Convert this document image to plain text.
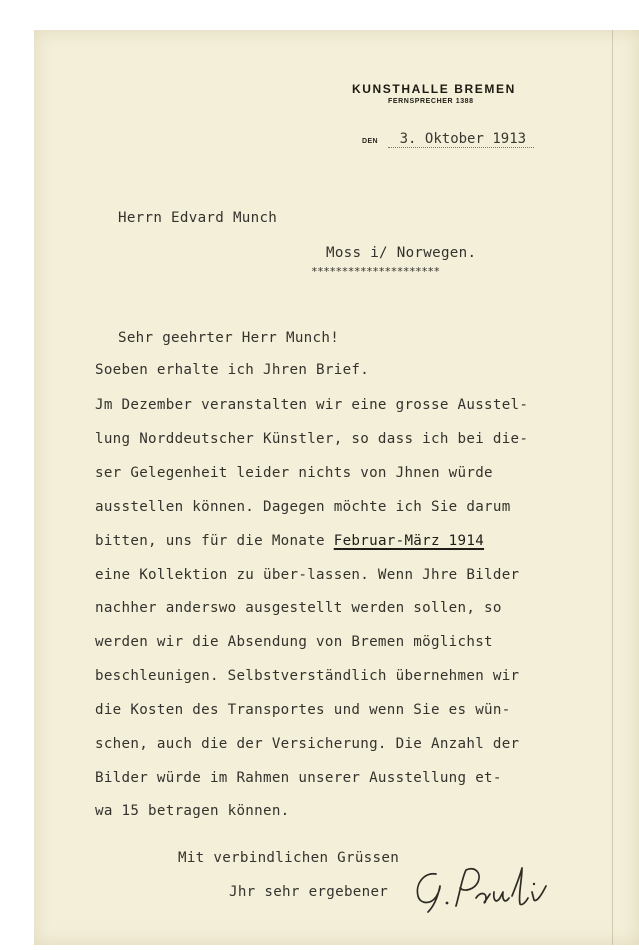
KUNSTHALLE BREMEN
FERNSPRECHER 1388
DEN 3. Oktober 1913
Herrn Edvard Munch
Moss i/ Norwegen.
*********************
Sehr geehrter Herr Munch!
Soeben erhalte ich Jhren Brief.
Jm Dezember veranstalten wir eine grosse Ausstel-
lung Norddeutscher Künstler, so dass ich bei die-
ser Gelegenheit leider nichts von Jhnen würde
ausstellen können. Dagegen möchte ich Sie darum
bitten, uns für die Monate Februar-März 1914
eine Kollektion zu über-lassen. Wenn Jhre Bilder
nachher anderswo ausgestellt werden sollen, so
werden wir die Absendung von Bremen möglichst
beschleunigen. Selbstverständlich übernehmen wir
die Kosten des Transportes und wenn Sie es wün-
schen, auch die der Versicherung. Die Anzahl der
Bilder würde im Rahmen unserer Ausstellung et-
wa 15 betragen können.
Mit verbindlichen Grüssen
Jhr sehr ergebener
